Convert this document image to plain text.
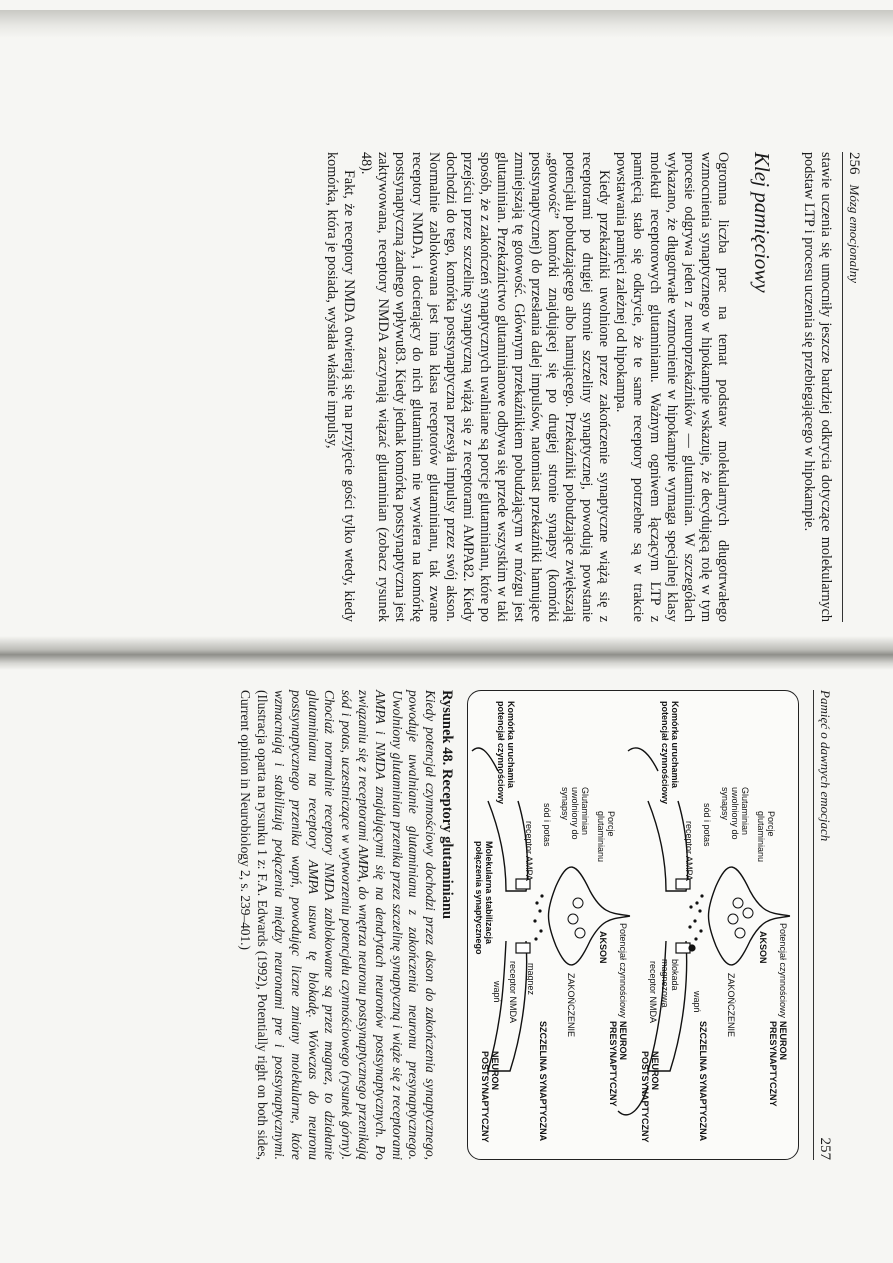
256
Mózg emocjonalny

stawie uczenia się umocniły jeszcze bardziej odkrycia dotyczące molekularnych podstaw LTP i procesu uczenia się przebiegającego w hipokampie.

Klej pamięciowy

Ogromna liczba prac na temat podstaw molekularnych długotrwałego wzmocnienia synaptycznego w hipokampie wskazuje, że decydującą rolę w tym procesie odgrywa jeden z neuroprzekaźników — glutaminian. W szczegółach wykazano, że długotrwałe wzmocnienie w hipokampie wymaga specjalnej klasy molekuł receptorowych glutaminianu. Ważnym ogniwem łączącym LTP z pamięcią stało się odkrycie, że te same receptory potrzebne są w trakcie powstawania pamięci zależnej od hipokampa.

Kiedy przekaźniki uwolnione przez zakończenie synaptyczne wiążą się z receptorami po drugiej stronie szczeliny synaptycznej, powodują powstanie potencjału pobudzającego albo hamującego. Przekaźniki pobudzające zwiększają „gotowość” komórki znajdującej się po drugiej stronie synapsy (komórki postsynaptycznej) do przesłania dalej impulsów, natomiast przekaźniki hamujące zmniejszają tę gotowość. Głównym przekaźnikiem pobudzającym w mózgu jest glutaminian. Przekaźnictwo glutaminianowe odbywa się przede wszystkim w taki sposób, że z zakończeń synaptycznych uwalniane są porcje glutaminianu, które po przejściu przez szczelinę synaptyczną wiążą się z receptorami AMPA82. Kiedy dochodzi do tego, komórka postsynaptyczna przesyła impulsy przez swój akson. Normalnie zablokowana jest inna klasa receptorów glutaminianu, tak zwane receptory NMDA, i docierający do nich glutaminian nie wywiera na komórkę postsynaptyczną żadnego wpływu83. Kiedy jednak komórka postsynaptyczna jest zaktywowana, receptory NMDA zaczynają wiązać glutaminian (zobacz rysunek 48).

Fakt, że receptory NMDA otwierają się na przyjęcie gości tylko wtedy, kiedy komórka, która je posiada, wysłała właśnie impulsy,

Pamięć o dawnych emocjach
257
Potencjał czynnościowy
AKSON
NEURON PRESYNAPTYCZNY
ZAKOŃCZENIE
SZCZELINA SYNAPTYCZNA
Porcje glutaminianu
Glutaminian uwolniony do synapsy
sód i potas
blokada magnezowa	wapń
receptor AMPA
receptor NMDA
Komórka uruchamia potencjał czynnościowy
NEURON POSTSYNAPTYCZNY
Potencjał czynnościowy
AKSON
NEURON PRESYNAPTYCZNY
ZAKOŃCZENIE
SZCZELINA SYNAPTYCZNA
Porcje glutaminianu
Glutaminian uwolniony do synapsy
sód i potas
magnez
wapń
receptor AMPA
receptor NMDA
Komórka uruchamia potencjał czynnościowy
Molekularna stabilizacja połączenia synaptycznego
NEURON POSTSYNAPTYCZNY
Rysunek 48. Receptory glutaminianu
Kiedy potencjał czynnościowy dochodzi przez akson do zakończenia synaptycznego, powoduje uwalnianie glutaminianu z zakończenia neuronu presynaptycznego. Uwolniony glutaminian przenika przez szczelinę synaptyczną i wiąże się z receptorami AMPA i NMDA znajdującymi się na dendrytach neuronów postsynaptycznych. Po związaniu się z receptorami AMPA, do wnętrza neuronu postsynaptycznego przenikają sód i potas, uczestniczące w wytworzeniu potencjału czynnościowego (rysunek górny). Chociaż normalnie receptory NMDA zablokowane są przez magnez, to działanie glutaminianu na receptory AMPA usuwa tę blokadę. Wówczas do neuronu postsynaptycznego przenika wapń, powodując liczne zmiany molekularne, które wzmacniają i stabilizują połączenia między neuronami pre i postsynaptycznymi. (Ilustracja oparta na rysunku 1 z: F.A. Edwards (1992), Potentially right on both sides, Current opinion in Neurobiology 2, s. 239–401.)
